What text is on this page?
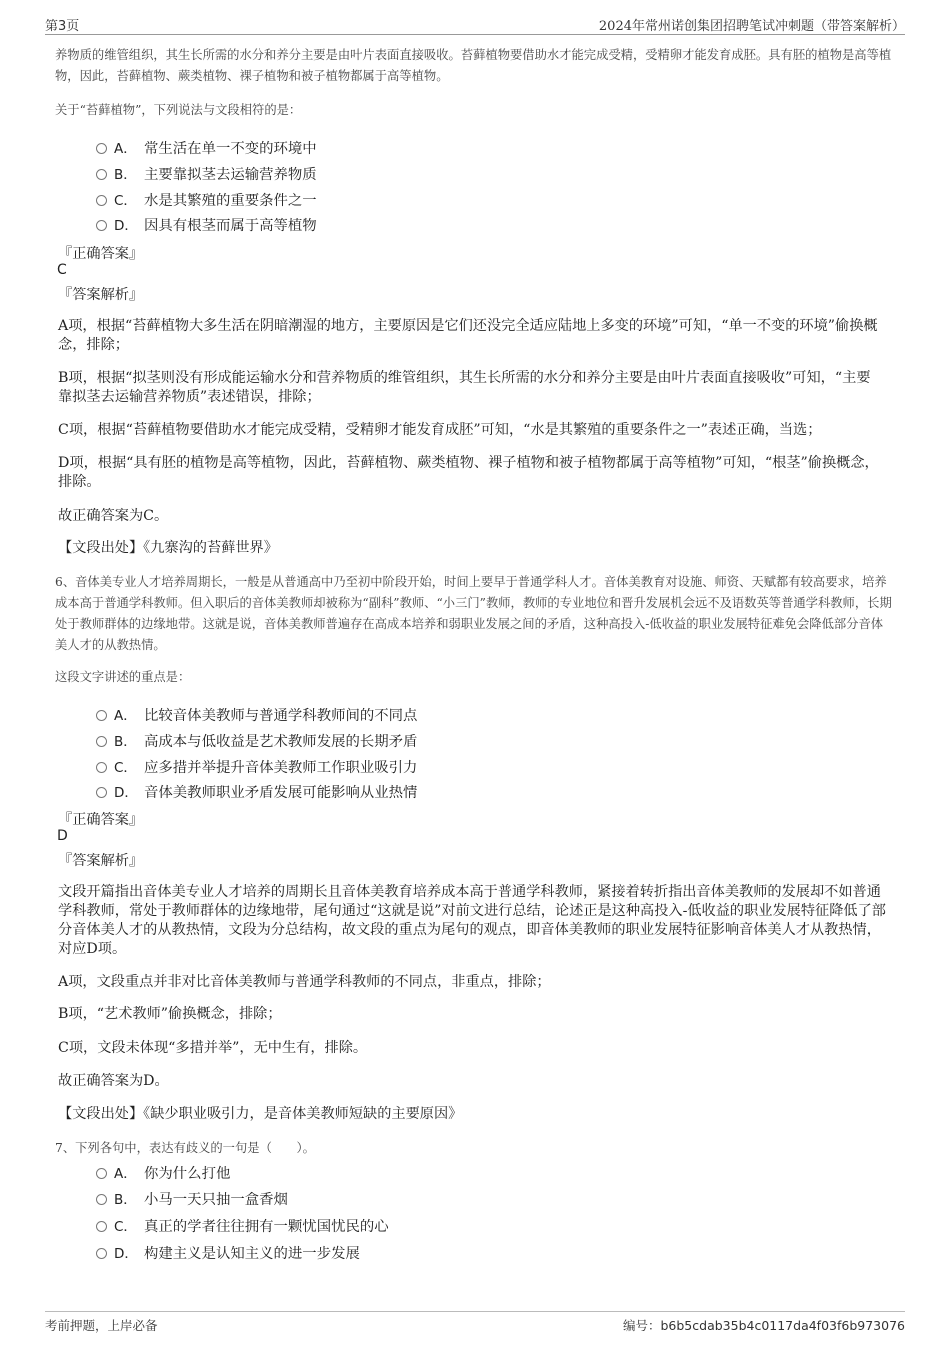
第3页	2024年常州诺创集团招聘笔试冲刺题（带答案解析）
养物质的维管组织，其生长所需的水分和养分主要是由叶片表面直接吸收。苔藓植物要借助水才能完成受精，受精卵才能发育成胚。具有胚的植物是高等植物，因此，苔藓植物、蕨类植物、裸子植物和被子植物都属于高等植物。
关于“苔藓植物”，下列说法与文段相符的是：
A． 常生活在单一不变的环境中
B． 主要靠拟茎去运输营养物质
C． 水是其繁殖的重要条件之一
D． 因具有根茎而属于高等植物
『正确答案』
C
『答案解析』
A项，根据“苔藓植物大多生活在阴暗潮湿的地方，主要原因是它们还没完全适应陆地上多变的环境”可知，“单一不变的环境”偷换概念，排除；
B项，根据“拟茎则没有形成能运输水分和营养物质的维管组织，其生长所需的水分和养分主要是由叶片表面直接吸收”可知，“主要靠拟茎去运输营养物质”表述错误，排除；
C项，根据“苔藓植物要借助水才能完成受精，受精卵才能发育成胚”可知，“水是其繁殖的重要条件之一”表述正确，当选；
D项，根据“具有胚的植物是高等植物，因此，苔藓植物、蕨类植物、裸子植物和被子植物都属于高等植物”可知，“根茎”偷换概念，排除。
故正确答案为C。
【文段出处】《九寨沟的苔藓世界》
6、音体美专业人才培养周期长，一般是从普通高中乃至初中阶段开始，时间上要早于普通学科人才。音体美教育对设施、师资、天赋都有较高要求，培养成本高于普通学科教师。但入职后的音体美教师却被称为“副科”教师、“小三门”教师，教师的专业地位和晋升发展机会远不及语数英等普通学科教师，长期处于教师群体的边缘地带。这就是说，音体美教师普遍存在高成本培养和弱职业发展之间的矛盾，这种高投入-低收益的职业发展特征难免会降低部分音体美人才的从教热情。
这段文字讲述的重点是：
A． 比较音体美教师与普通学科教师间的不同点
B． 高成本与低收益是艺术教师发展的长期矛盾
C． 应多措并举提升音体美教师工作职业吸引力
D． 音体美教师职业矛盾发展可能影响从业热情
『正确答案』
D
『答案解析』
文段开篇指出音体美专业人才培养的周期长且音体美教育培养成本高于普通学科教师，紧接着转折指出音体美教师的发展却不如普通学科教师，常处于教师群体的边缘地带，尾句通过“这就是说”对前文进行总结，论述正是这种高投入-低收益的职业发展特征降低了部分音体美人才的从教热情，文段为分总结构，故文段的重点为尾句的观点，即音体美教师的职业发展特征影响音体美人才从教热情，对应D项。
A项，文段重点并非对比音体美教师与普通学科教师的不同点，非重点，排除；
B项，“艺术教师”偷换概念，排除；
C项，文段未体现“多措并举”，无中生有，排除。
故正确答案为D。
【文段出处】《缺少职业吸引力，是音体美教师短缺的主要原因》
7、下列各句中，表达有歧义的一句是（　　）。
A． 你为什么打他
B． 小马一天只抽一盒香烟
C． 真正的学者往往拥有一颗忧国忧民的心
D． 构建主义是认知主义的进一步发展
考前押题，上岸必备	编号：b6b5cdab35b4c0117da4f03f6b973076
